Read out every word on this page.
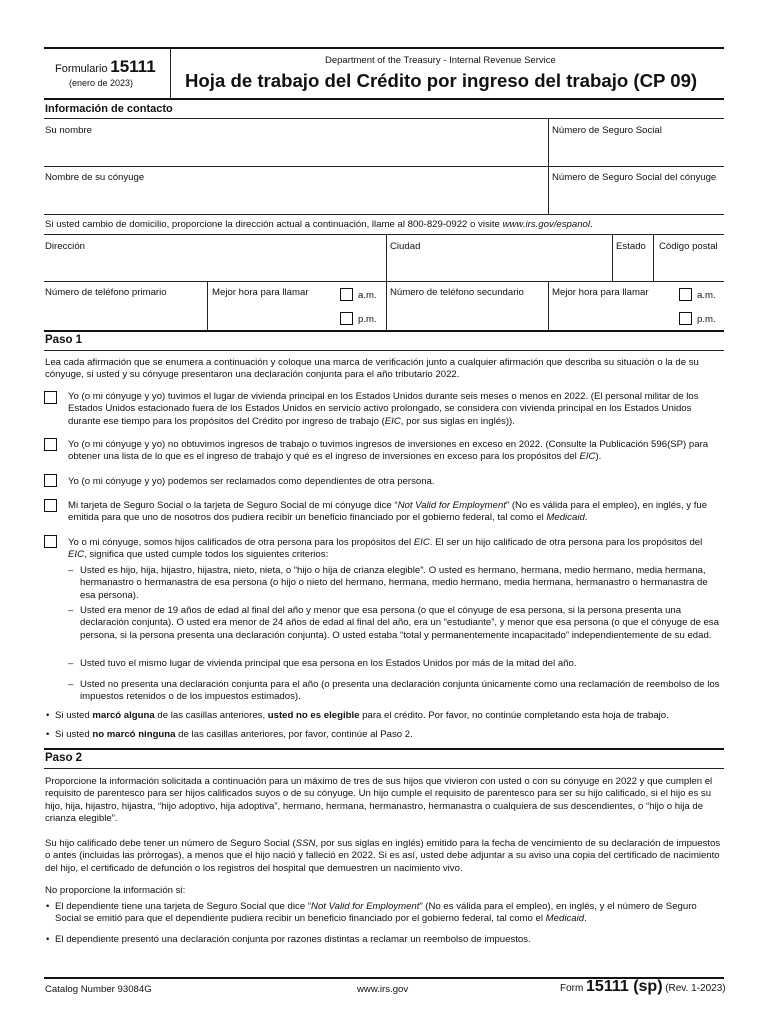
Formulario 15111
(enero de 2023)
Department of the Treasury - Internal Revenue Service
Hoja de trabajo del Crédito por ingreso del trabajo (CP 09)
Información de contacto
Su nombre	Número de Seguro Social
Nombre de su cónyuge	Número de Seguro Social del cónyuge
Si usted cambio de domicilio, proporcione la dirección actual a continuación, llame al 800-829-0922 o visite www.irs.gov/espanol.
Dirección	Ciudad	Estado Código postal
Número de teléfono primario	Mejor hora para llamar	a.m.
p.m.
Número de teléfono secundario	Mejor hora para llamar	a.m.
p.m.
Paso 1
Lea cada afirmación que se enumera a continuación y coloque una marca de verificación junto a cualquier afirmación que describa su situación o la de su cónyuge, si usted y su cónyuge presentaron una declaración conjunta para el año tributario 2022.
Yo (o mi cónyuge y yo) tuvimos el lugar de vivienda principal en los Estados Unidos durante seis meses o menos en 2022. (El personal militar de los Estados Unidos estacionado fuera de los Estados Unidos en servicio activo prolongado, se considera con vivienda principal en los Estados Unidos durante ese tiempo para los propósitos del Crédito por ingreso de trabajo (EIC, por sus siglas en inglés)).
Yo (o mi cónyuge y yo) no obtuvimos ingresos de trabajo o tuvimos ingresos de inversiones en exceso en 2022. (Consulte la Publicación 596(SP) para obtener una lista de lo que es el ingreso de trabajo y qué es el ingreso de inversiones en exceso para los propósitos del EIC).
Yo (o mi cónyuge y yo) podemos ser reclamados como dependientes de otra persona.
Mi tarjeta de Seguro Social o la tarjeta de Seguro Social de mi cónyuge dice “Not Valid for Employment” (No es válida para el empleo), en inglés, y fue emitida para que uno de nosotros dos pudiera recibir un beneficio financiado por el gobierno federal, tal como el Medicaid.
Yo o mi cónyuge, somos hijos calificados de otra persona para los propósitos del EIC. El ser un hijo calificado de otra persona para los propósitos del EIC, significa que usted cumple todos los siguientes criterios:
– Usted es hijo, hija, hijastro, hijastra, nieto, nieta, o “hijo o hija de crianza elegible”. O usted es hermano, hermana, medio hermano, media hermana, hermanastro o hermanastra de esa persona (o hijo o nieto del hermano, hermana, medio hermano, media hermana, hermanastro o hermanastra de esa persona).
– Usted era menor de 19 años de edad al final del año y menor que esa persona (o que el cónyuge de esa persona, si la persona presenta una declaración conjunta). O usted era menor de 24 años de edad al final del año, era un “estudiante”, y menor que esa persona (o que el cónyuge de esa persona, si la persona presenta una declaración conjunta). O usted estaba “total y permanentemente incapacitado” independientemente de su edad.
– Usted tuvo el mismo lugar de vivienda principal que esa persona en los Estados Unidos por más de la mitad del año.
– Usted no presenta una declaración conjunta para el año (o presenta una declaración conjunta únicamente como una reclamación de reembolso de los impuestos retenidos o de los impuestos estimados).
• Si usted marcó alguna de las casillas anteriores, usted no es elegible para el crédito. Por favor, no continúe completando esta hoja de trabajo.
• Si usted no marcó ninguna de las casillas anteriores, por favor, continúe al Paso 2.
Paso 2
Proporcione la información solicitada a continuación para un máximo de tres de sus hijos que vivieron con usted o con su cónyuge en 2022 y que cumplen el requisito de parentesco para ser hijos calificados suyos o de su cónyuge. Un hijo cumple el requisito de parentesco para ser su hijo calificado, si el hijo es su hijo, hija, hijastro, hijastra, “hijo adoptivo, hija adoptiva”, hermano, hermana, hermanastro, hermanastra o cualquiera de sus descendientes, o “hijo o hija de crianza elegible”.
Su hijo calificado debe tener un número de Seguro Social (SSN, por sus siglas en inglés) emitido para la fecha de vencimiento de su declaración de impuestos o antes (incluidas las prórrogas), a menos que el hijo nació y falleció en 2022. Si es así, usted debe adjuntar a su aviso una copia del certificado de nacimiento del hijo, el certificado de defunción o los registros del hospital que demuestren un nacimiento vivo.
No proporcione la información si:
• El dependiente tiene una tarjeta de Seguro Social que dice “Not Valid for Employment” (No es válida para el empleo), en inglés, y el número de Seguro Social se emitió para que el dependiente pudiera recibir un beneficio financiado por el gobierno federal, tal como el Medicaid.
• El dependiente presentó una declaración conjunta por razones distintas a reclamar un reembolso de impuestos.
Catalog Number 93084G	www.irs.gov	Form 15111 (sp) (Rev. 1-2023)
